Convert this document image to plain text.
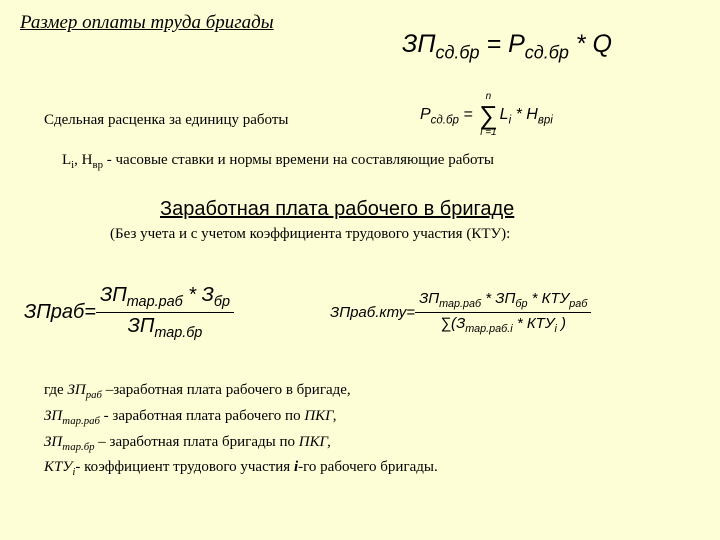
Размер оплаты труда бригады
$ЗП_{сд.бр} = P_{сд.бр} * Q$
Сдельная расценка за единицу работы	$P_{сд.бр}$ =
n
∑
i =1
$L_i * H_{врi}$
$L_i$, $H_{вр}$ - часовые ставки и нормы времени на составляющие работы
Заработная плата рабочего в бригаде
(Без учета и с учетом коэффициента трудового участия (КТУ):
ЗПраб = $\frac{ЗП_{тар.раб} * З_{бр}}{ЗП_{тар.бр}}$	ЗПраб.кту = $\frac{ЗП_{тар.раб} * ЗП_{бр} * КТУ_{раб}}{\sum(З_{тар.раб.i} * КТУ_i )}$
где $ЗП_{раб}$ –заработная плата рабочего в бригаде,
$ЗП_{тар.раб}$ - заработная плата рабочего по ПКГ,
$ЗП_{тар.бр}$ – заработная плата бригады по ПКГ,
$КТУ_i-$ коэффициент трудового участия i-го рабочего бригады.
